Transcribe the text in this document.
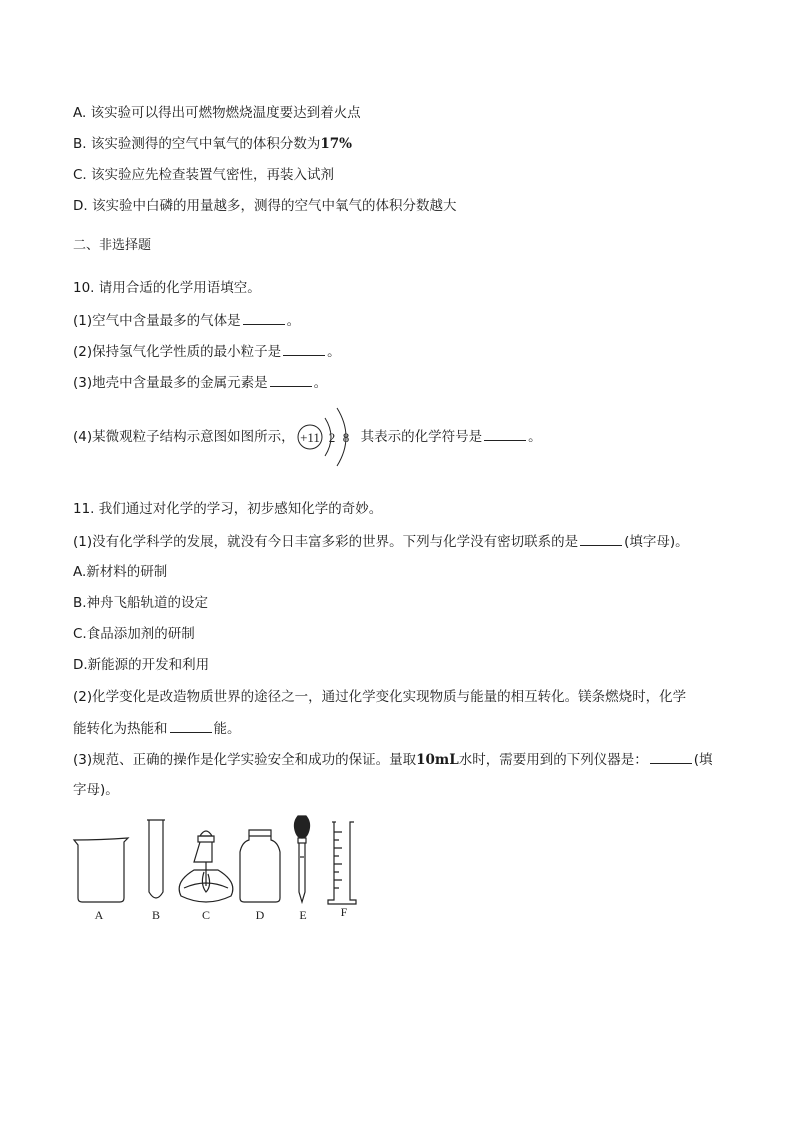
A. 该实验可以得出可燃物燃烧温度要达到着火点
B. 该实验测得的空气中氧气的体积分数为17%
C. 该实验应先检查装置气密性，再装入试剂
D. 该实验中白磷的用量越多，测得的空气中氧气的体积分数越大
二、非选择题
10. 请用合适的化学用语填空。
(1)空气中含量最多的气体是	。
(2)保持氢气化学性质的最小粒子是	。
(3)地壳中含量最多的金属元素是	。
(4)某微观粒子结构示意图如图所示， +11 2 8 其表示的化学符号是	。
11. 我们通过对化学的学习，初步感知化学的奇妙。
(1)没有化学科学的发展，就没有今日丰富多彩的世界。下列与化学没有密切联系的是	(填字母)。
A.新材料的研制
B.神舟飞船轨道的设定
C.食品添加剂的研制
D.新能源的开发和利用
(2)化学变化是改造物质世界的途径之一，通过化学变化实现物质与能量的相互转化。镁条燃烧时，化学
能转化为热能和	能。
(3)规范、正确的操作是化学实验安全和成功的保证。量取10mL水时，需要用到的下列仪器是：	(填
字母)。
A	B	C	D	E	F
